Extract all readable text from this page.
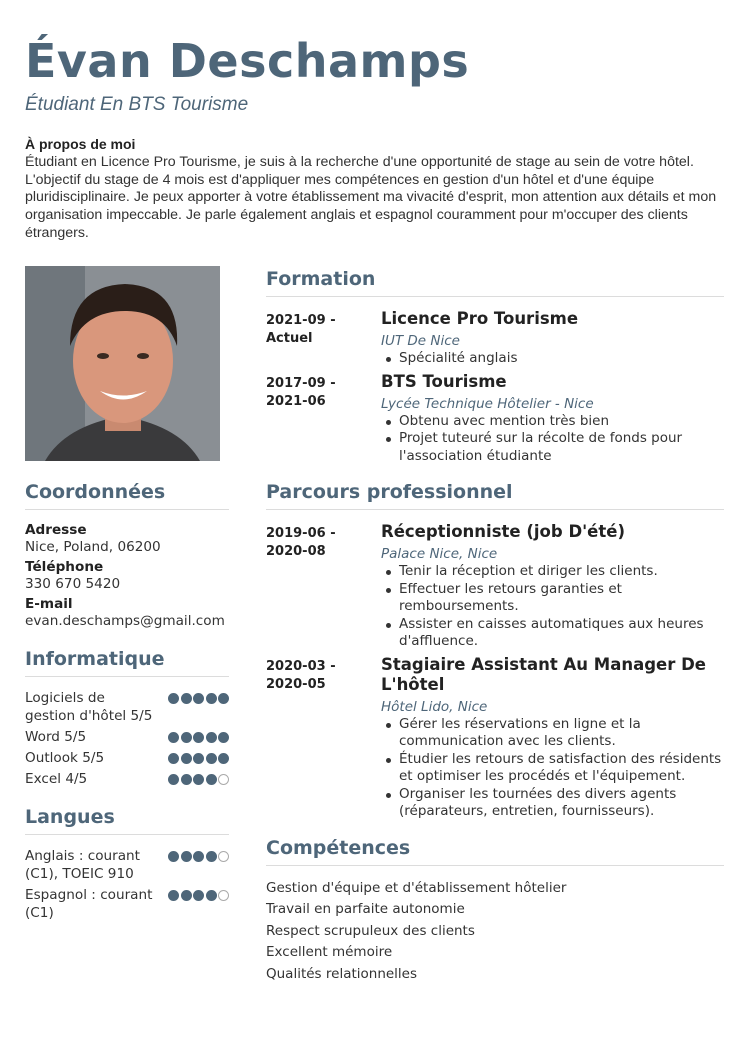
Évan Deschamps
Étudiant En BTS Tourisme
À propos de moi

Étudiant en Licence Pro Tourisme, je suis à la recherche d'une opportunité de stage au sein de votre hôtel. L'objectif du stage de 4 mois est d'appliquer mes compétences en gestion d'un hôtel et d'une équipe pluridisciplinaire. Je peux apporter à votre établissement ma vivacité d'esprit, mon attention aux détails et mon organisation impeccable. Je parle également anglais et espagnol couramment pour m'occuper des clients étrangers.

Coordonnées
Adresse
Nice, Poland, 06200
Téléphone
330 670 5420
E-mail
evan.deschamps@gmail.com
Informatique
Logiciels de gestion d'hôtel 5/5
Word 5/5
Outlook 5/5
Excel 4/5
Langues
Anglais : courant (C1), TOEIC 910
Espagnol : courant (C1)
Formation
2021-09 - Actuel
Licence Pro Tourisme
IUT De Nice
Spécialité anglais
2017-09 - 2021-06
BTS Tourisme
Lycée Technique Hôtelier - Nice
Obtenu avec mention très bien
Projet tuteuré sur la récolte de fonds pour l'association étudiante
Parcours professionnel
2019-06 - 2020-08
Réceptionniste (job D'été)
Palace Nice, Nice
Tenir la réception et diriger les clients.
Effectuer les retours garanties et remboursements.
Assister en caisses automatiques aux heures d'affluence.
2020-03 - 2020-05
Stagiaire Assistant Au Manager De L'hôtel
Hôtel Lido, Nice
Gérer les réservations en ligne et la communication avec les clients.
Étudier les retours de satisfaction des résidents et optimiser les procédés et l'équipement.
Organiser les tournées des divers agents (réparateurs, entretien, fournisseurs).
Compétences
Gestion d'équipe et d'établissement hôtelier
Travail en parfaite autonomie
Respect scrupuleux des clients
Excellent mémoire
Qualités relationnelles
